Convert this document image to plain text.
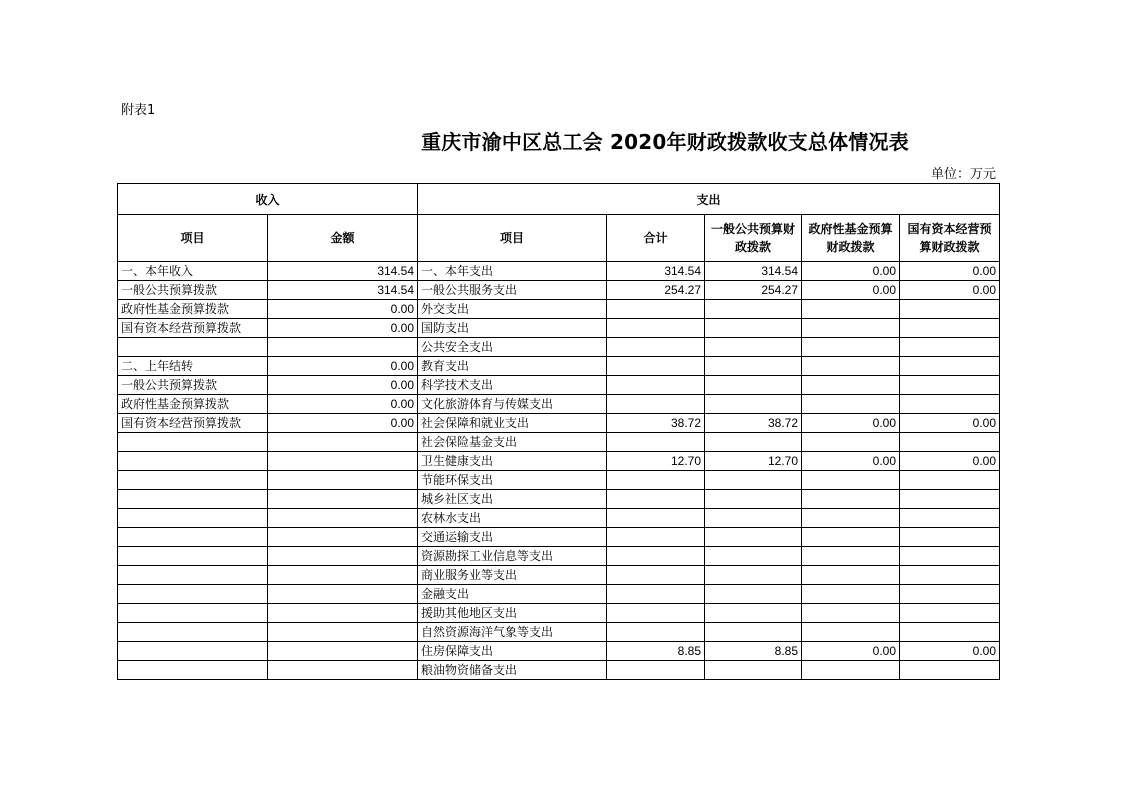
附表1
重庆市渝中区总工会 2020年财政拨款收支总体情况表
单位：万元
收入		支出				
项目	金额	项目	合计	一般公共预算财政拨款	政府性基金预算财政拨款	国有资本经营预算财政拨款
一、本年收入	314.54	一、本年支出	314.54	314.54	0.00	0.00
一般公共预算拨款	314.54	一般公共服务支出	254.27	254.27	0.00	0.00
政府性基金预算拨款	0.00	外交支出				
国有资本经营预算拨款	0.00	国防支出				
		公共安全支出				
二、上年结转	0.00	教育支出				
一般公共预算拨款	0.00	科学技术支出				
政府性基金预算拨款	0.00	文化旅游体育与传媒支出				
国有资本经营预算拨款	0.00	社会保障和就业支出	38.72	38.72	0.00	0.00
		社会保险基金支出				
		卫生健康支出	12.70	12.70	0.00	0.00
		节能环保支出				
		城乡社区支出				
		农林水支出				
		交通运输支出				
		资源勘探工业信息等支出				
		商业服务业等支出				
		金融支出				
		援助其他地区支出				
		自然资源海洋气象等支出				
		住房保障支出	8.85	8.85	0.00	0.00
		粮油物资储备支出				
